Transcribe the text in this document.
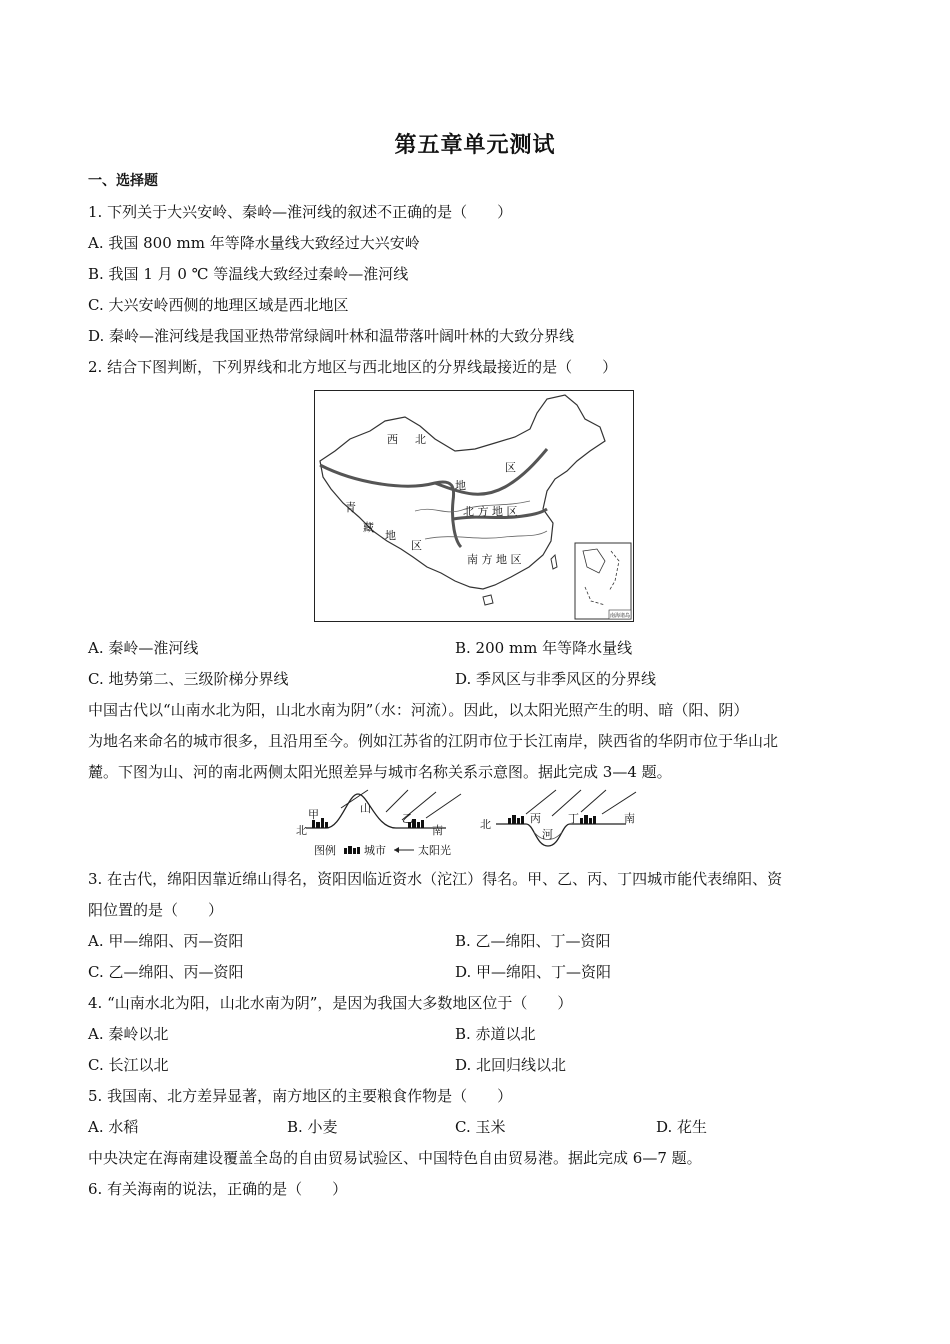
第五章单元测试
一、选择题
1. 下列关于大兴安岭、秦岭—淮河线的叙述不正确的是（　　）
A. 我国 800 mm 年等降水量线大致经过大兴安岭
B. 我国 1 月 0 ℃ 等温线大致经过秦岭—淮河线
C. 大兴安岭西侧的地理区域是西北地区
D. 秦岭—淮河线是我国亚热带常绿阔叶林和温带落叶阔叶林的大致分界线
2. 结合下图判断，下列界线和北方地区与西北地区的分界线最接近的是（　　）
西 北
地
区
青
藏
地
区
北 方 地 区
南 方 地 区
南海诸岛
A. 秦岭—淮河线	B. 200 mm 年等降水量线
C. 地势第二、三级阶梯分界线	D. 季风区与非季风区的分界线
中国古代以“山南水北为阳，山北水南为阴”（水：河流）。因此，以太阳光照产生的明、暗（阳、阴）
为地名来命名的城市很多，且沿用至今。例如江苏省的江阴市位于长江南岸，陕西省的华阴市位于华山北
麓。下图为山、河的南北两侧太阳光照差异与城市名称关系示意图。据此完成 3—4 题。
甲
北
山
乙
南	北	丙
河
丁	南
图例	城市	太阳光
3. 在古代，绵阳因靠近绵山得名，资阳因临近资水（沱江）得名。甲、乙、丙、丁四城市能代表绵阳、资
阳位置的是（　　）
A. 甲—绵阳、丙—资阳	B. 乙—绵阳、丁—资阳
C. 乙—绵阳、丙—资阳	D. 甲—绵阳、丁—资阳
4. “山南水北为阳，山北水南为阴”，是因为我国大多数地区位于（　　）
A. 秦岭以北	B. 赤道以北
C. 长江以北	D. 北回归线以北
5. 我国南、北方差异显著，南方地区的主要粮食作物是（　　）
A. 水稻	B. 小麦	C. 玉米	D. 花生
中央决定在海南建设覆盖全岛的自由贸易试验区、中国特色自由贸易港。据此完成 6—7 题。
6. 有关海南的说法，正确的是（　　）
